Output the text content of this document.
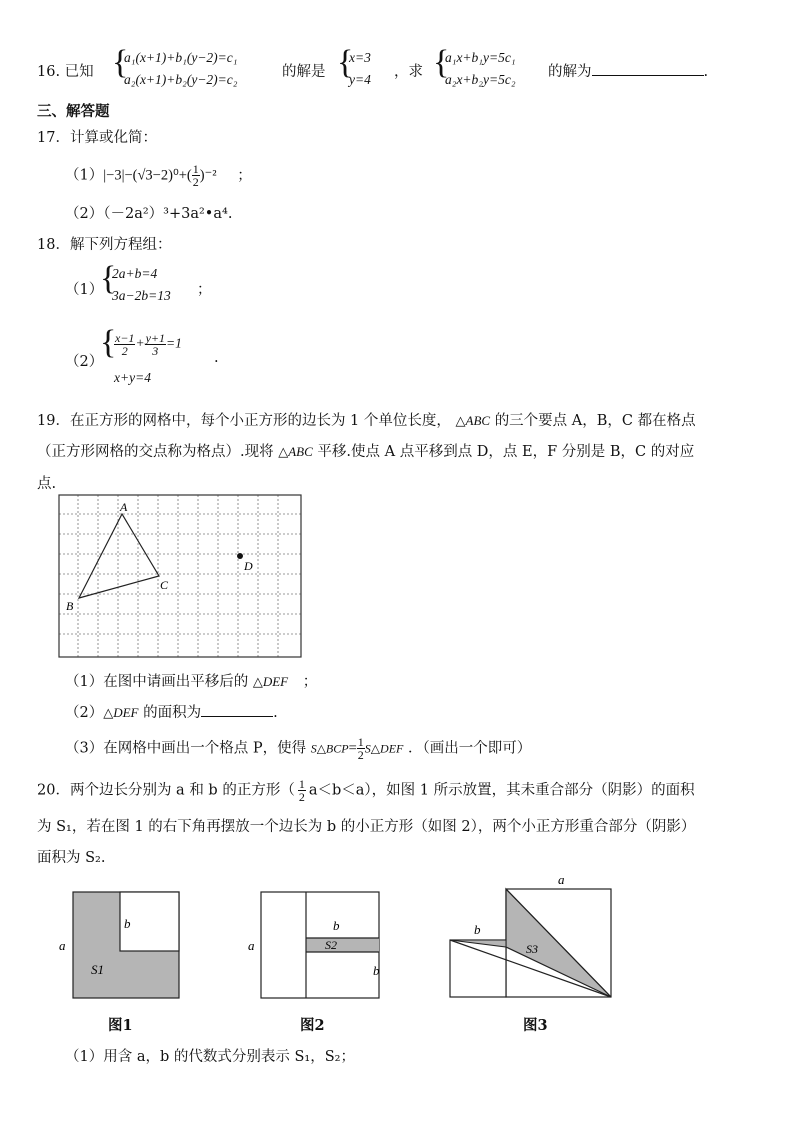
16. 已知 {
a₁(x+1)+b₁(y−2)=c₁
a₂(x+1)+b₂(y−2)=c₂	的解是 {
x=3
y=4 ，求 {
a₁x+b₁y=5c₁
a₂x+b₂y=5c₂ 的解为	.
三、解答题
17．计算或化简：
$(1)|-3|-(√3-2)^0+( \frac{1}{2} )^{-2}$ ；
（2）（－2a²）³+3a²•a⁴.
18．解下列方程组：
（1）
{
2a+b=4
3a−2b=13 ；
（2）
{
$\frac{x-1}{2} + \frac{y+1}{3} =1$
x+y=4
.
19．在正方形的网格中，每个小正方形的边长为 1 个单位长度， △ABC 的三个要点 A，B，C 都在格点
（正方形网格的交点称为格点）.现将 △ABC 平移.使点 A 点平移到点 D，点 E，F 分别是 B，C 的对应
点.
A
B
C
D
（1）在图中请画出平移后的 △DEF ；
（2）△DEF 的面积为	.
（3）在网格中画出一个格点 P，使得 S△BCP= $\frac{1}{2}$ S△DEF ．（画出一个即可）
20．两个边长分别为 a 和 b 的正方形（ $\frac{1}{2} a<b<a$），如图 1 所示放置，其未重合部分（阴影）的面积
为 S₁，若在图 1 的右下角再摆放一个边长为 b 的小正方形（如图 2），两个小正方形重合部分（阴影）
面积为 S₂.
a
b
S1
图1
a
b
b
S2
图2
a
b
S3
图3
（1）用含 a，b 的代数式分别表示 S₁，S₂；
